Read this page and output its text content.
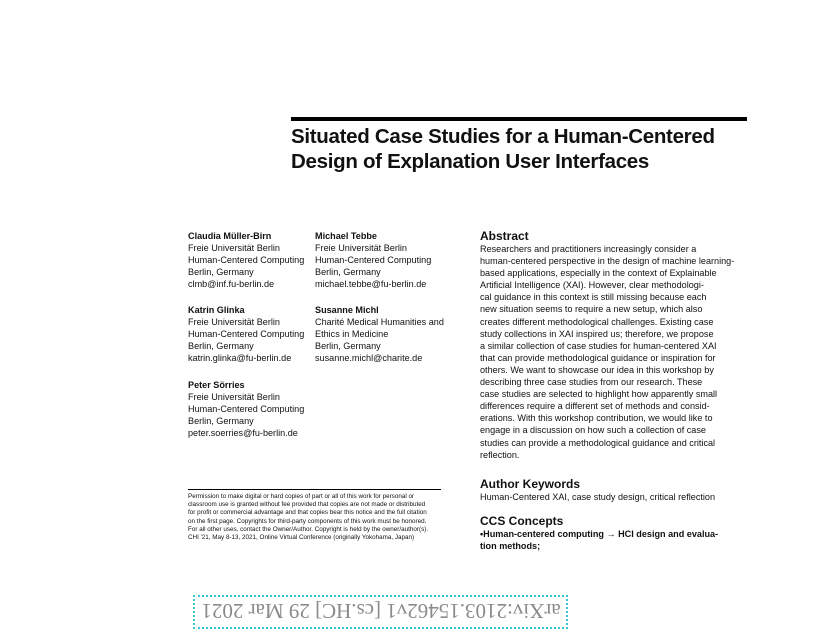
Situated Case Studies for a Human-Centered
Design of Explanation User Interfaces
Claudia Müller-Birn
Freie Universität Berlin
Human-Centered Computing
Berlin, Germany
clmb@inf.fu-berlin.de
Michael Tebbe
Freie Universität Berlin
Human-Centered Computing
Berlin, Germany
michael.tebbe@fu-berlin.de
Katrin Glinka
Freie Universität Berlin
Human-Centered Computing
Berlin, Germany
katrin.glinka@fu-berlin.de
Susanne Michl
Charité Medical Humanities and
Ethics in Medicine
Berlin, Germany
susanne.michl@charite.de
Peter Sörries
Freie Universität Berlin
Human-Centered Computing
Berlin, Germany
peter.soerries@fu-berlin.de
Abstract
Researchers and practitioners increasingly consider a
human-centered perspective in the design of machine learning-
based applications, especially in the context of Explainable
Artificial Intelligence (XAI). However, clear methodologi-
cal guidance in this context is still missing because each
new situation seems to require a new setup, which also
creates different methodological challenges. Existing case
study collections in XAI inspired us; therefore, we propose
a similar collection of case studies for human-centered XAI
that can provide methodological guidance or inspiration for
others. We want to showcase our idea in this workshop by
describing three case studies from our research. These
case studies are selected to highlight how apparently small
differences require a different set of methods and consid-
erations. With this workshop contribution, we would like to
engage in a discussion on how such a collection of case
studies can provide a methodological guidance and critical
reflection.
Author Keywords
Human-Centered XAI, case study design, critical reflection
CCS Concepts
•Human-centered computing → HCI design and evalua-
tion methods;
Permission to make digital or hard copies of part or all of this work for personal or
classroom use is granted without fee provided that copies are not made or distributed
for profit or commercial advantage and that copies bear this notice and the full citation
on the first page. Copyrights for third-party components of this work must be honored.
For all other uses, contact the Owner/Author. Copyright is held by the owner/author(s).
CHI '21, May 8-13, 2021, Online Virtual Conference (originally Yokohama, Japan)
arXiv:2103.15462v1 [cs.HC] 29 Mar 2021
